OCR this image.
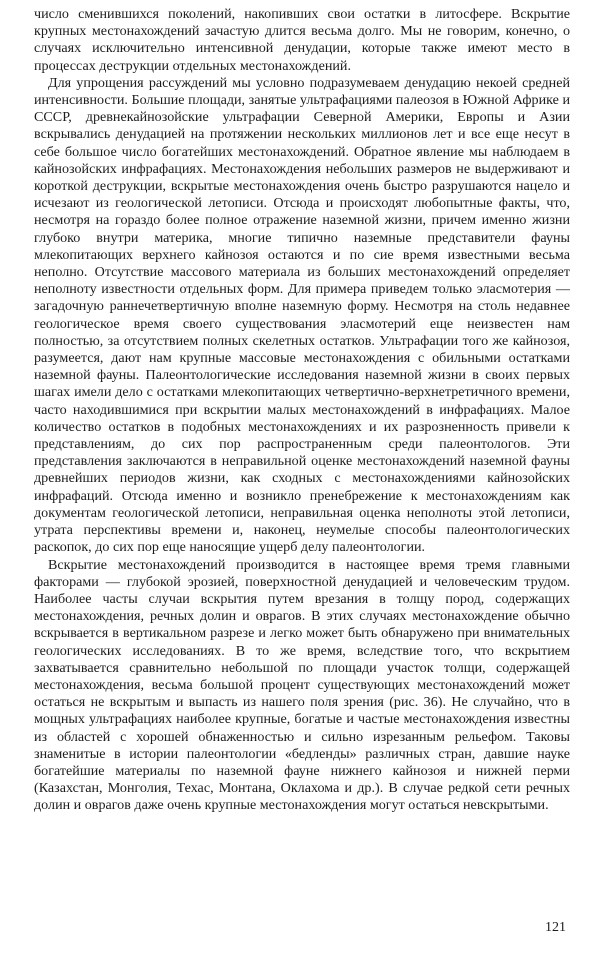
число сменившихся поколений, накопивших свои остатки в литосфере. Вскрытие крупных местонахождений зачастую длится весьма долго. Мы не говорим, конечно, о случаях исключительно интенсивной денудации, которые также имеют место в процессах деструкции отдельных местонахождений.

Для упрощения рассуждений мы условно подразумеваем денудацию некоей средней интенсивности. Большие площади, занятые ультрафациями палеозоя в Южной Африке и СССР, древнекайнозойские ультрафации Северной Америки, Европы и Азии вскрывались денудацией на протяжении нескольких миллионов лет и все еще несут в себе большое число богатейших местонахождений. Обратное явление мы наблюдаем в кайнозойских инфрафациях. Местонахождения небольших размеров не выдерживают и короткой деструкции, вскрытые местонахождения очень быстро разрушаются нацело и исчезают из геологической летописи. Отсюда и происходят любопытные факты, что, несмотря на гораздо более полное отражение наземной жизни, причем именно жизни глубоко внутри материка, многие типично наземные представители фауны млекопитающих верхнего кайнозоя остаются и по сие время известными весьма неполно. Отсутствие массового материала из больших местонахождений определяет неполноту известности отдельных форм. Для примера приведем только эласмотерия — загадочную раннечетвертичную вполне наземную форму. Несмотря на столь недавнее геологическое время своего существования эласмотерий еще неизвестен нам полностью, за отсутствием полных скелетных остатков. Ультрафации того же кайнозоя, разумеется, дают нам крупные массовые местонахождения с обильными остатками наземной фауны. Палеонтологические исследования наземной жизни в своих первых шагах имели дело с остатками млекопитающих четвертично-верхнетретичного времени, часто находившимися при вскрытии малых местонахождений в инфрафациях. Малое количество остатков в подобных местонахождениях и их разрозненность привели к представлениям, до сих пор распространенным среди палеонтологов. Эти представления заключаются в неправильной оценке местонахождений наземной фауны древнейших периодов жизни, как сходных с местонахождениями кайнозойских инфрафаций. Отсюда именно и возникло пренебрежение к местонахождениям как документам геологической летописи, неправильная оценка неполноты этой летописи, утрата перспективы времени и, наконец, неумелые способы палеонтологических раскопок, до сих пор еще наносящие ущерб делу палеонтологии.

Вскрытие местонахождений производится в настоящее время тремя главными факторами — глубокой эрозией, поверхностной денудацией и человеческим трудом. Наиболее часты случаи вскрытия путем врезания в толщу пород, содержащих местонахождения, речных долин и оврагов. В этих случаях местонахождение обычно вскрывается в вертикальном разрезе и легко может быть обнаружено при внимательных геологических исследованиях. В то же время, вследствие того, что вскрытием захватывается сравнительно небольшой по площади участок толщи, содержащей местонахождения, весьма большой процент существующих местонахождений может остаться не вскрытым и выпасть из нашего поля зрения (рис. 36). Не случайно, что в мощных ультрафациях наиболее крупные, богатые и частые местонахождения известны из областей с хорошей обнаженностью и сильно изрезанным рельефом. Таковы знаменитые в истории палеонтологии «бедленды» различных стран, давшие науке богатейшие материалы по наземной фауне нижнего кайнозоя и нижней перми (Казахстан, Монголия, Техас, Монтана, Оклахома и др.). В случае редкой сети речных долин и оврагов даже очень крупные местонахождения могут остаться невскрытыми.

121
